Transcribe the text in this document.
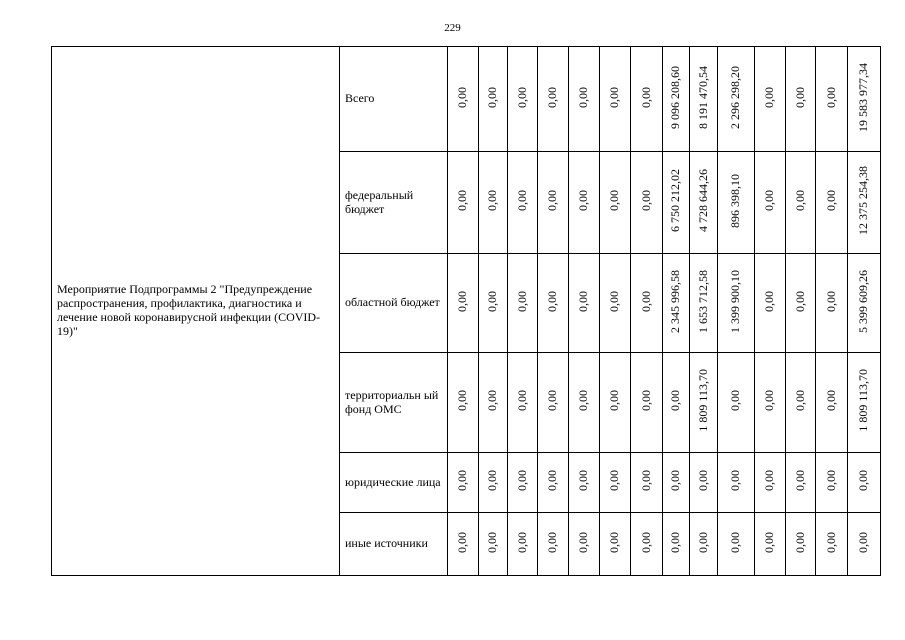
229
Мероприятие Подпрограммы 2 "Предупреждение распространения, профилактика, диагностика и лечение новой коронавирусной инфекции (COVID-19)"	Всего	0,00	0,00	0,00	0,00	0,00	0,00	0,00	9 096 208,60	8 191 470,54	2 296 298,20	0,00	0,00	0,00	19 583 977,34
	федеральный бюджет	0,00	0,00	0,00	0,00	0,00	0,00	0,00	6 750 212,02	4 728 644,26	896 398,10	0,00	0,00	0,00	12 375 254,38
	областной бюджет	0,00	0,00	0,00	0,00	0,00	0,00	0,00	2 345 996,58	1 653 712,58	1 399 900,10	0,00	0,00	0,00	5 399 609,26
	территориальн ый фонд ОМС	0,00	0,00	0,00	0,00	0,00	0,00	0,00	0,00	1 809 113,70	0,00	0,00	0,00	0,00	1 809 113,70
	юридические лица	0,00	0,00	0,00	0,00	0,00	0,00	0,00	0,00	0,00	0,00	0,00	0,00	0,00	0,00
	иные источники	0,00	0,00	0,00	0,00	0,00	0,00	0,00	0,00	0,00	0,00	0,00	0,00	0,00	0,00
